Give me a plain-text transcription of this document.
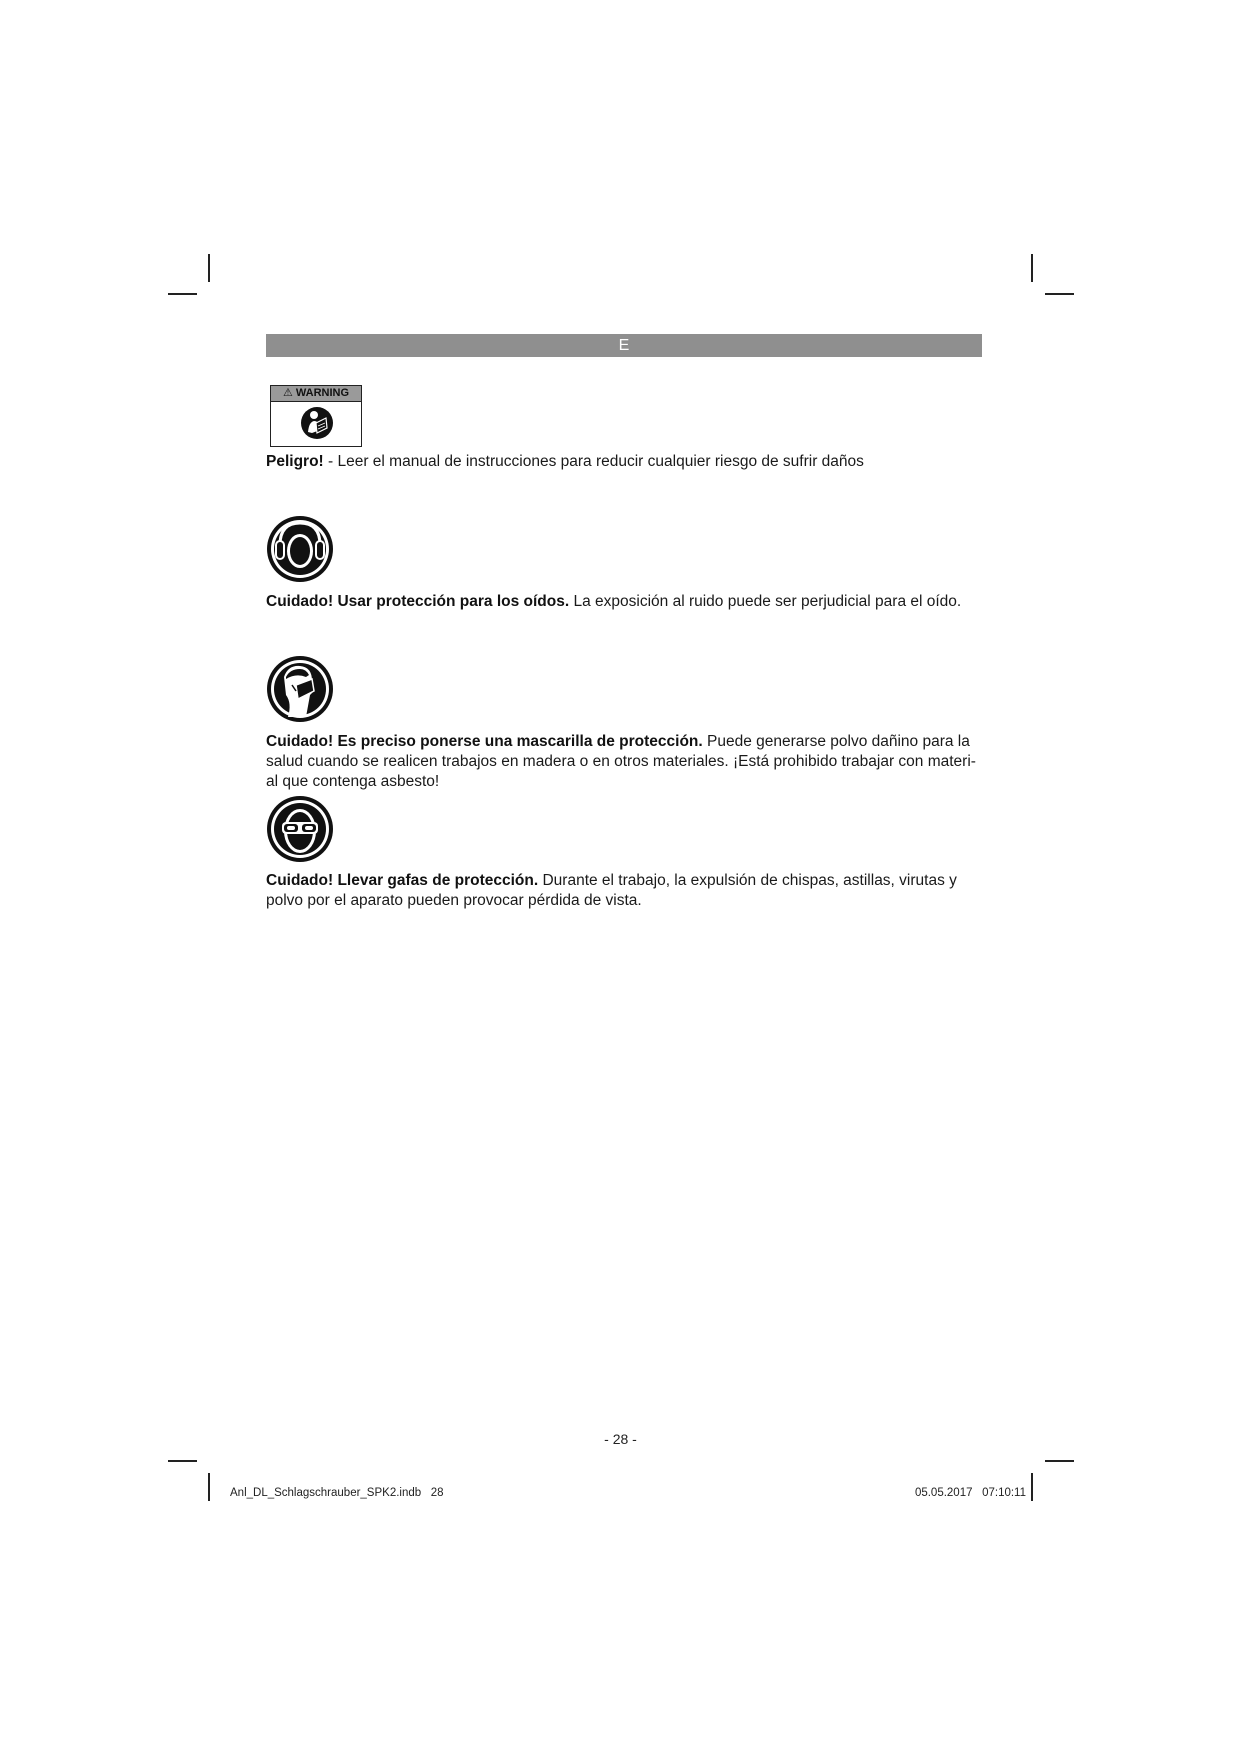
E
⚠ WARNING
Peligro! - Leer el manual de instrucciones para reducir cualquier riesgo de sufrir daños
Cuidado! Usar protección para los oídos. La exposición al ruido puede ser perjudicial para el oído.
Cuidado! Es preciso ponerse una mascarilla de protección. Puede generarse polvo dañino para la salud cuando se realicen trabajos en madera o en otros materiales. ¡Está prohibido trabajar con materi-al que contenga asbesto!
Cuidado! Llevar gafas de protección. Durante el trabajo, la expulsión de chispas, astillas, virutas y polvo por el aparato pueden provocar pérdida de vista.
- 28 -
Anl_DL_Schlagschrauber_SPK2.indb   28	05.05.2017   07:10:11
